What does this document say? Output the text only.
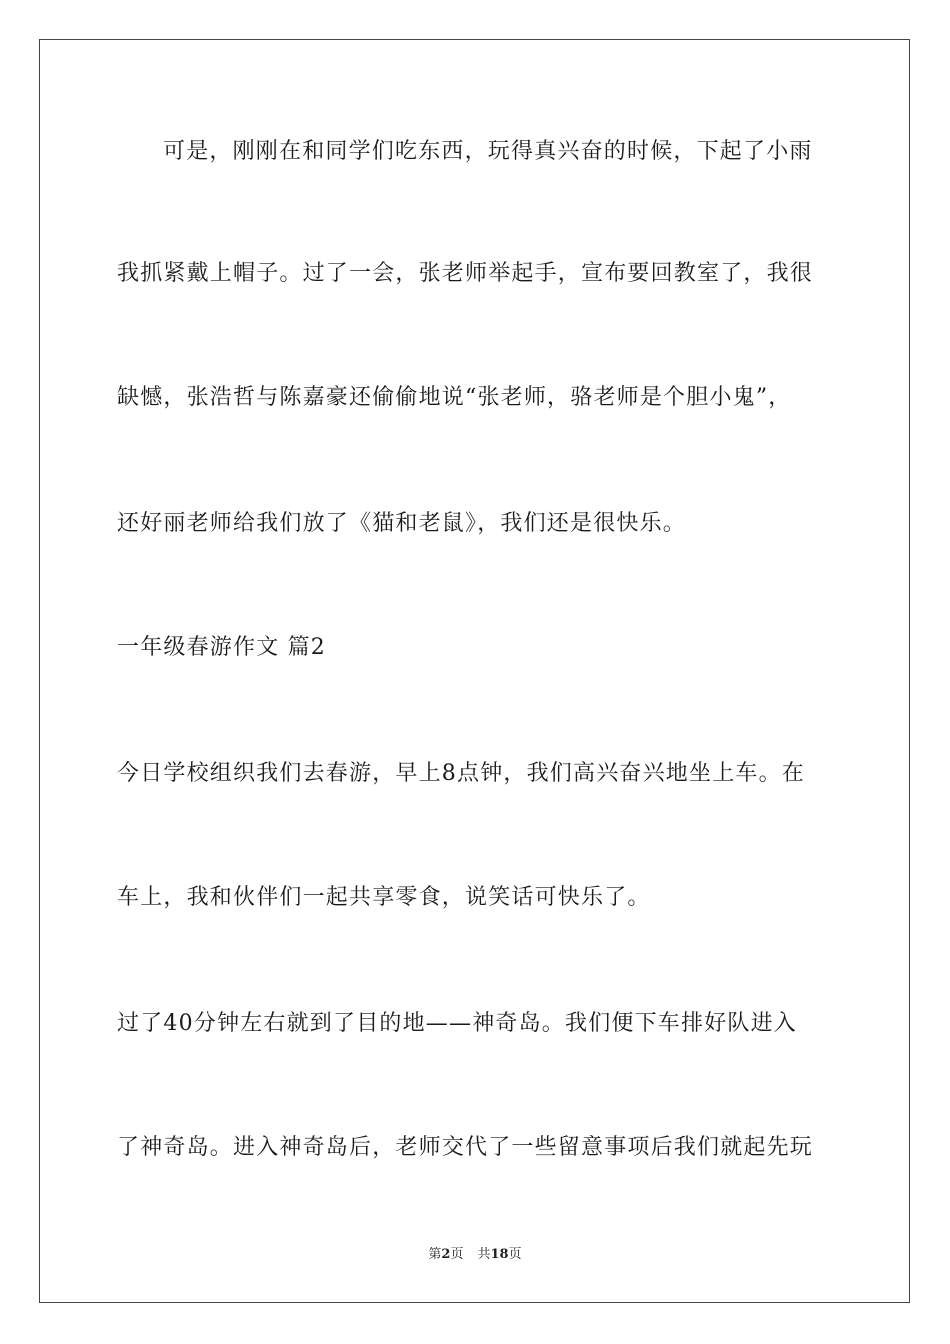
可是，刚刚在和同学们吃东西，玩得真兴奋的时候，下起了小雨
我抓紧戴上帽子。过了一会，张老师举起手，宣布要回教室了，我很
缺憾，张浩哲与陈嘉豪还偷偷地说“张老师，骆老师是个胆小鬼”，
还好丽老师给我们放了《猫和老鼠》，我们还是很快乐。
一年级春游作文 篇2
今日学校组织我们去春游，早上8点钟，我们高兴奋兴地坐上车。在
车上，我和伙伴们一起共享零食，说笑话可快乐了。
过了40分钟左右就到了目的地——神奇岛。我们便下车排好队进入
了神奇岛。进入神奇岛后，老师交代了一些留意事项后我们就起先玩
第2页 共18页
